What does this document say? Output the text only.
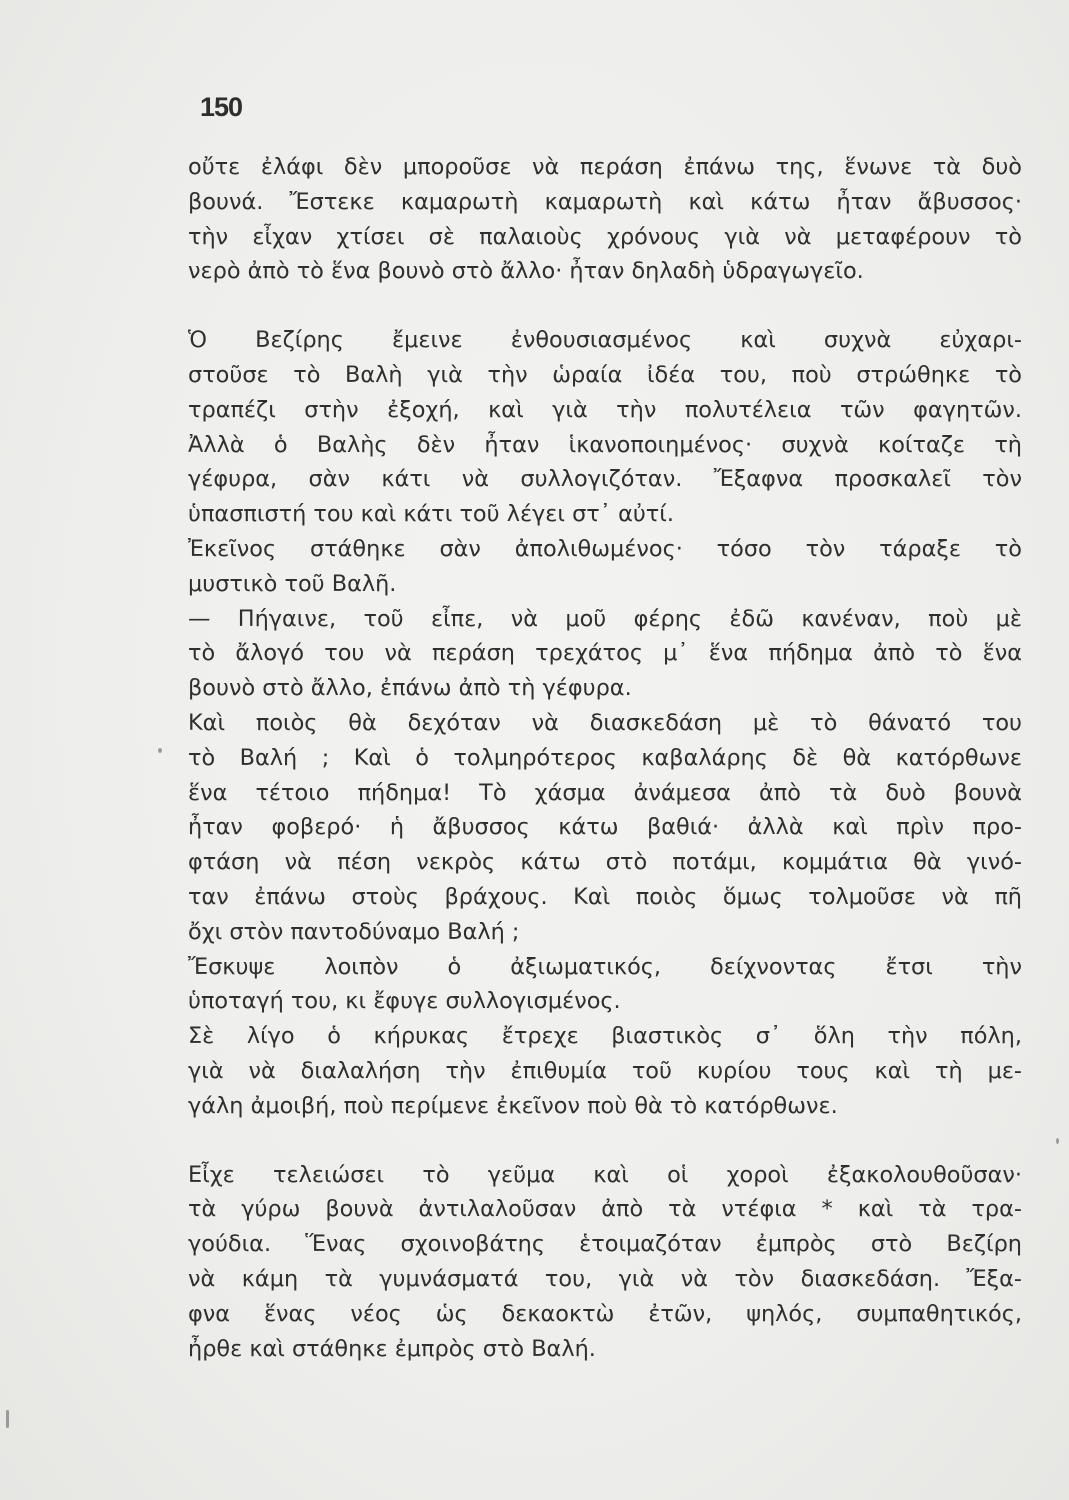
150
οὔτε ἐλάφι δὲν μποροῦσε νὰ περάση ἐπάνω της, ἕνωνε τὰ δυὸ
βουνά. Ἔστεκε καμαρωτὴ καμαρωτὴ καὶ κάτω ἦταν ἄβυσσος·
τὴν εἶχαν χτίσει σὲ παλαιοὺς χρόνους γιὰ νὰ μεταφέρουν τὸ
νερὸ ἀπὸ τὸ ἕνα βουνὸ στὸ ἄλλο· ἦταν δηλαδὴ ὑδραγωγεῖο.
Ὁ Βεζίρης ἔμεινε ἐνθουσιασμένος καὶ συχνὰ εὐχαρι-
στοῦσε τὸ Βαλὴ γιὰ τὴν ὡραία ἰδέα του, ποὺ στρώθηκε τὸ
τραπέζι στὴν ἐξοχή, καὶ γιὰ τὴν πολυτέλεια τῶν φαγητῶν.
Ἀλλὰ ὁ Βαλὴς δὲν ἦταν ἱκανοποιημένος· συχνὰ κοίταζε τὴ
γέφυρα, σὰν κάτι νὰ συλλογιζόταν. Ἔξαφνα προσκαλεῖ τὸν
ὑπασπιστή του καὶ κάτι τοῦ λέγει στ᾿ αὐτί.
Ἐκεῖνος στάθηκε σὰν ἀπολιθωμένος· τόσο τὸν τάραξε τὸ
μυστικὸ τοῦ Βαλῆ.
— Πήγαινε, τοῦ εἶπε, νὰ μοῦ φέρης ἐδῶ κανέναν, ποὺ μὲ
τὸ ἄλογό του νὰ περάση τρεχάτος μ᾿ ἕνα πήδημα ἀπὸ τὸ ἕνα
βουνὸ στὸ ἄλλο, ἐπάνω ἀπὸ τὴ γέφυρα.
Καὶ ποιὸς θὰ δεχόταν νὰ διασκεδάση μὲ τὸ θάνατό του
τὸ Βαλή ; Καὶ ὁ τολμηρότερος καβαλάρης δὲ θὰ κατόρθωνε
ἕνα τέτοιο πήδημα! Τὸ χάσμα ἀνάμεσα ἀπὸ τὰ δυὸ βουνὰ
ἦταν φοβερό· ἡ ἄβυσσος κάτω βαθιά· ἀλλὰ καὶ πρὶν προ-
φτάση νὰ πέση νεκρὸς κάτω στὸ ποτάμι, κομμάτια θὰ γινό-
ταν ἐπάνω στοὺς βράχους. Καὶ ποιὸς ὅμως τολμοῦσε νὰ πῆ
ὄχι στὸν παντοδύναμο Βαλή ;
Ἔσκυψε λοιπὸν ὁ ἀξιωματικός, δείχνοντας ἔτσι τὴν
ὑποταγή του, κι ἔφυγε συλλογισμένος.
Σὲ λίγο ὁ κήρυκας ἔτρεχε βιαστικὸς σ᾿ ὅλη τὴν πόλη,
γιὰ νὰ διαλαλήση τὴν ἐπιθυμία τοῦ κυρίου τους καὶ τὴ με-
γάλη ἀμοιβή, ποὺ περίμενε ἐκεῖνον ποὺ θὰ τὸ κατόρθωνε.
Εἶχε τελειώσει τὸ γεῦμα καὶ οἱ χοροὶ ἐξακολουθοῦσαν·
τὰ γύρω βουνὰ ἀντιλαλοῦσαν ἀπὸ τὰ ντέφια * καὶ τὰ τρα-
γούδια. Ἕνας σχοινοβάτης ἑτοιμαζόταν ἐμπρὸς στὸ Βεζίρη
νὰ κάμη τὰ γυμνάσματά του, γιὰ νὰ τὸν διασκεδάση. Ἔξα-
φνα ἕνας νέος ὡς δεκαοκτὼ ἐτῶν, ψηλός, συμπαθητικός,
ἦρθε καὶ στάθηκε ἐμπρὸς στὸ Βαλή.
